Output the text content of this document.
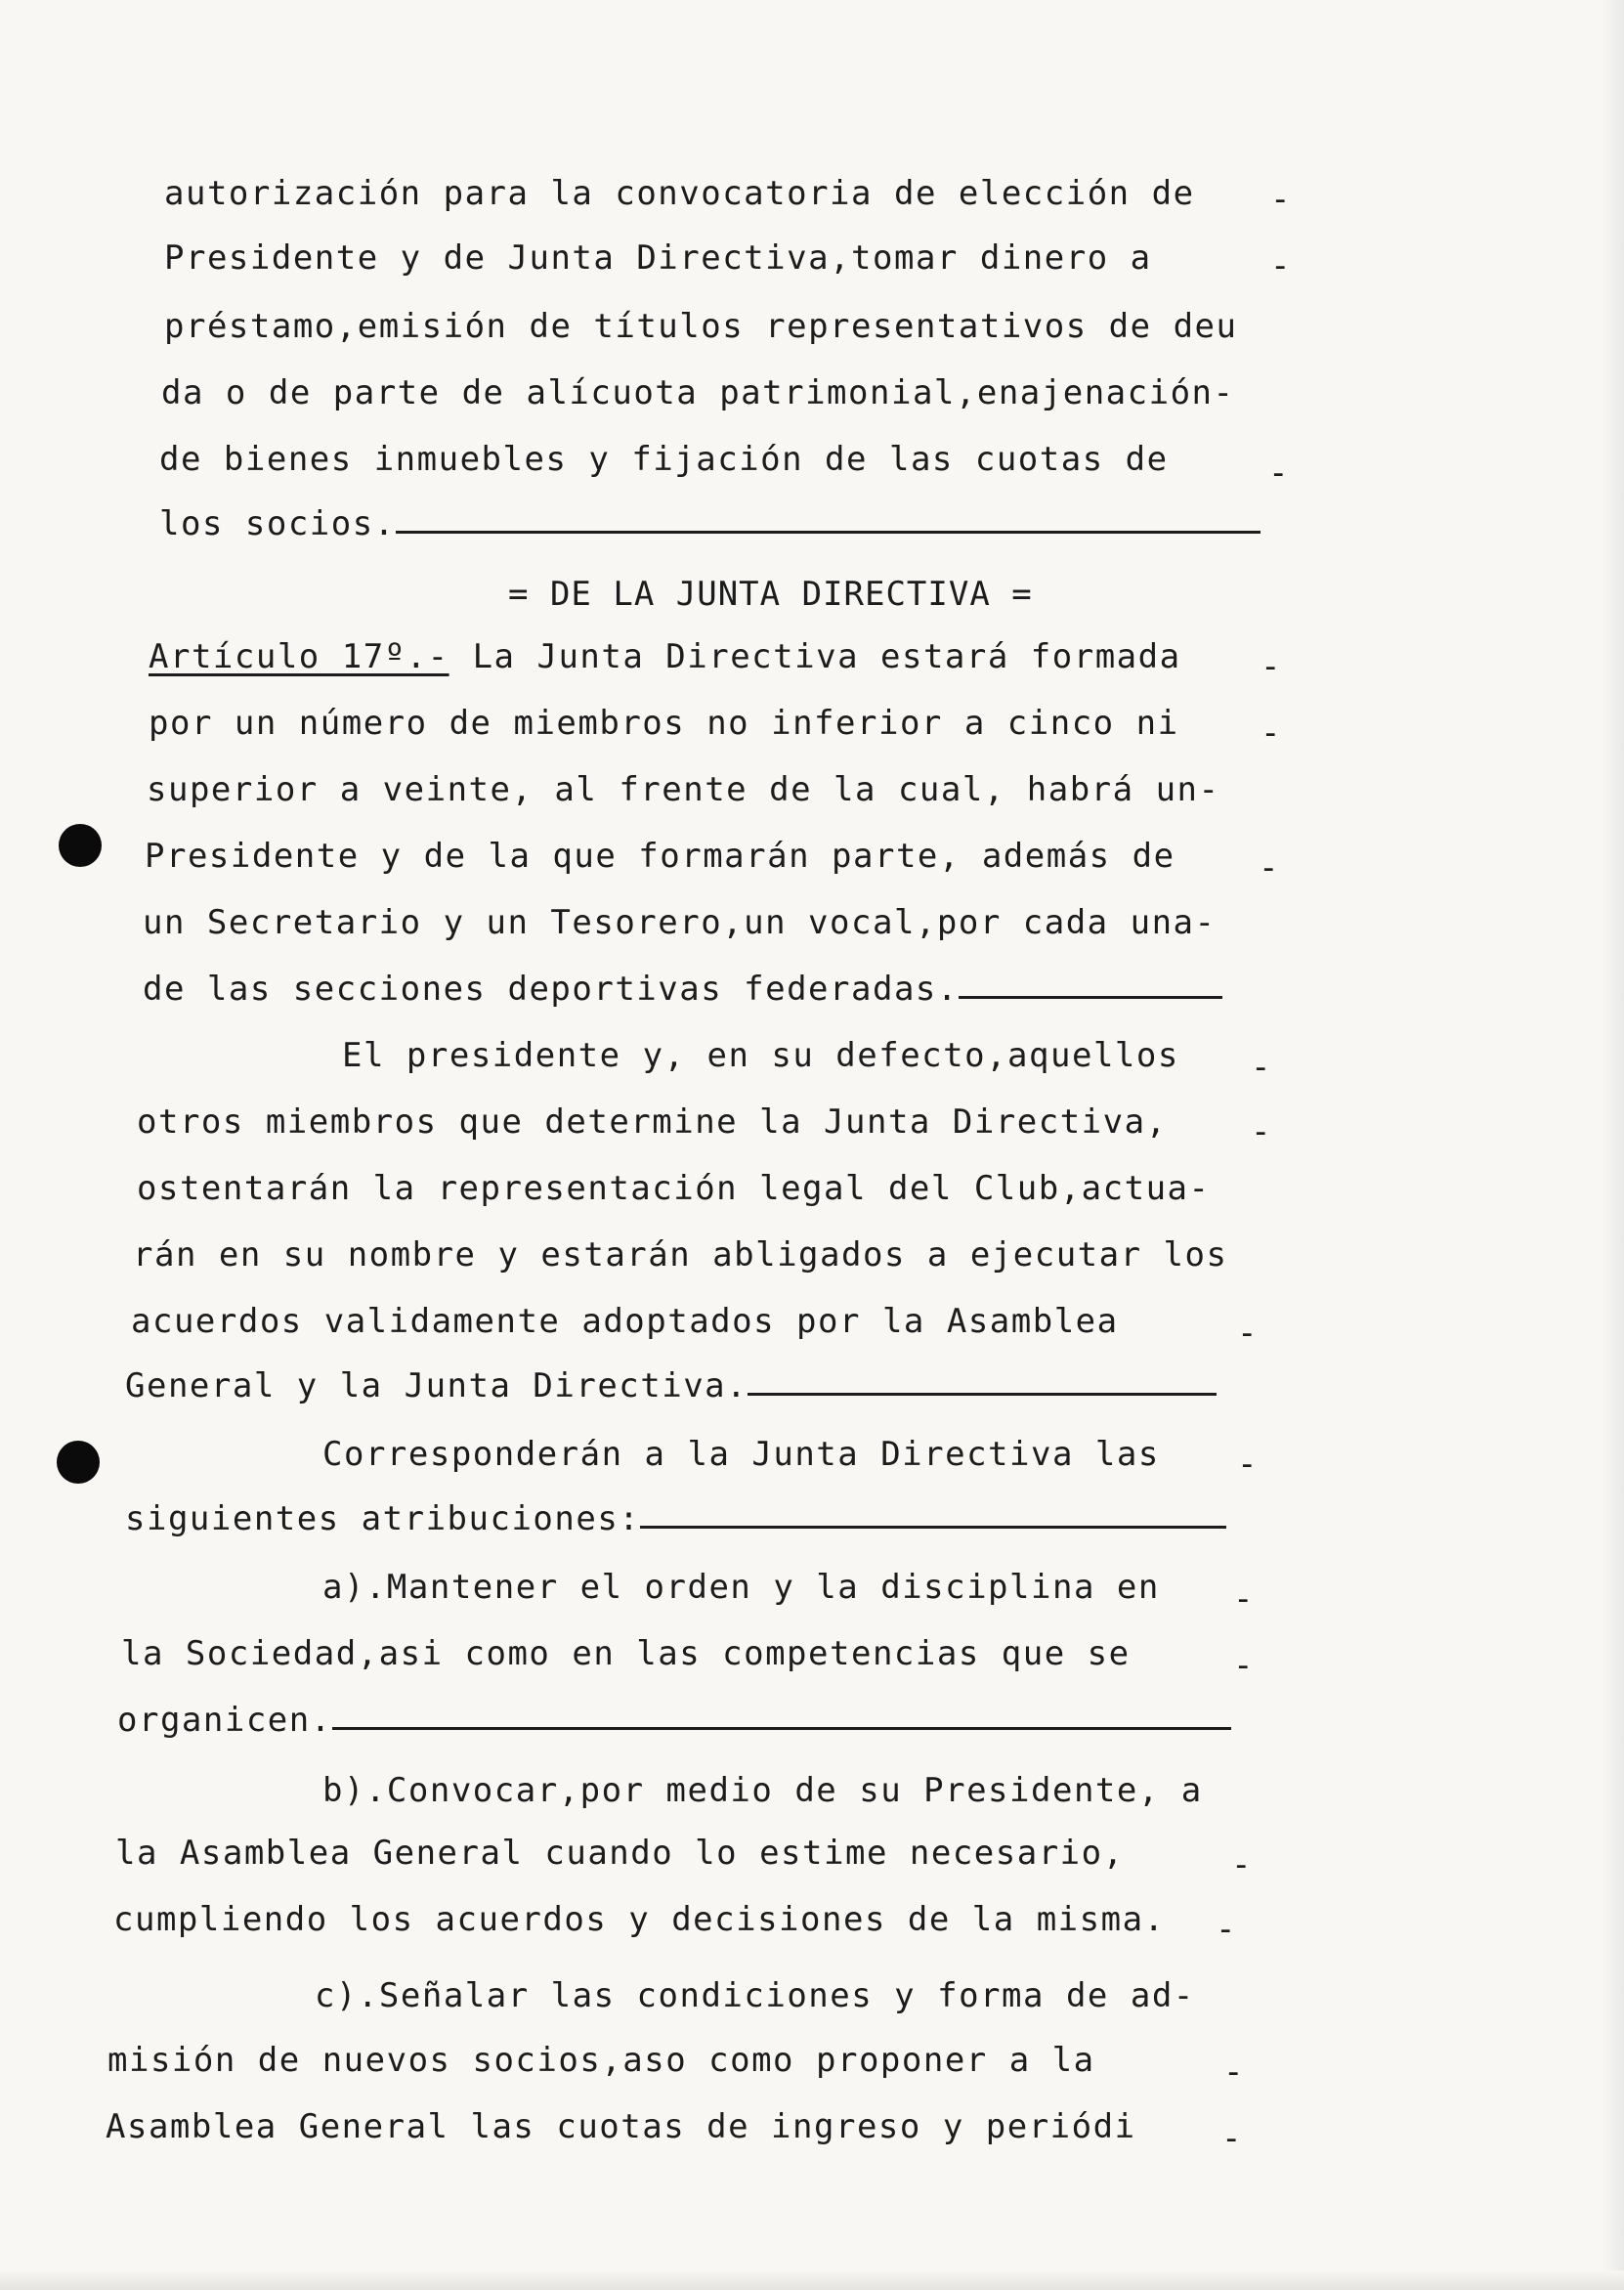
autorización para la convocatoria de elección de -
Presidente y de Junta Directiva,tomar dinero a	-
préstamo,emisión de títulos representativos de deu
da o de parte de alícuota patrimonial,enajenación-
de bienes inmuebles y fijación de las cuotas de	-
los socios.
= DE LA JUNTA DIRECTIVA =
Artículo 17º.- La Junta Directiva estará formada -
por un número de miembros no inferior a cinco ni -
superior a veinte, al frente de la cual, habrá un-
Presidente y de la que formarán parte, además de	-
un Secretario y un Tesorero,un vocal,por cada una-
de las secciones deportivas federadas.
El presidente y, en su defecto,aquellos -
otros miembros que determine la Junta Directiva,	-
ostentarán la representación legal del Club,actua-
rán en su nombre y estarán abligados a ejecutar los
acuerdos validamente adoptados por la Asamblea	-
General y la Junta Directiva.
Corresponderán a la Junta Directiva las -
siguientes atribuciones:
a).Mantener el orden y la disciplina en -
la Sociedad,asi como en las competencias que se	-
organicen.
b).Convocar,por medio de su Presidente, a
la Asamblea General cuando lo estime necesario,	-
cumpliendo los acuerdos y decisiones de la misma. -
c).Señalar las condiciones y forma de ad-
misión de nuevos socios,aso como proponer a la	-
Asamblea General las cuotas de ingreso y periódi	-
